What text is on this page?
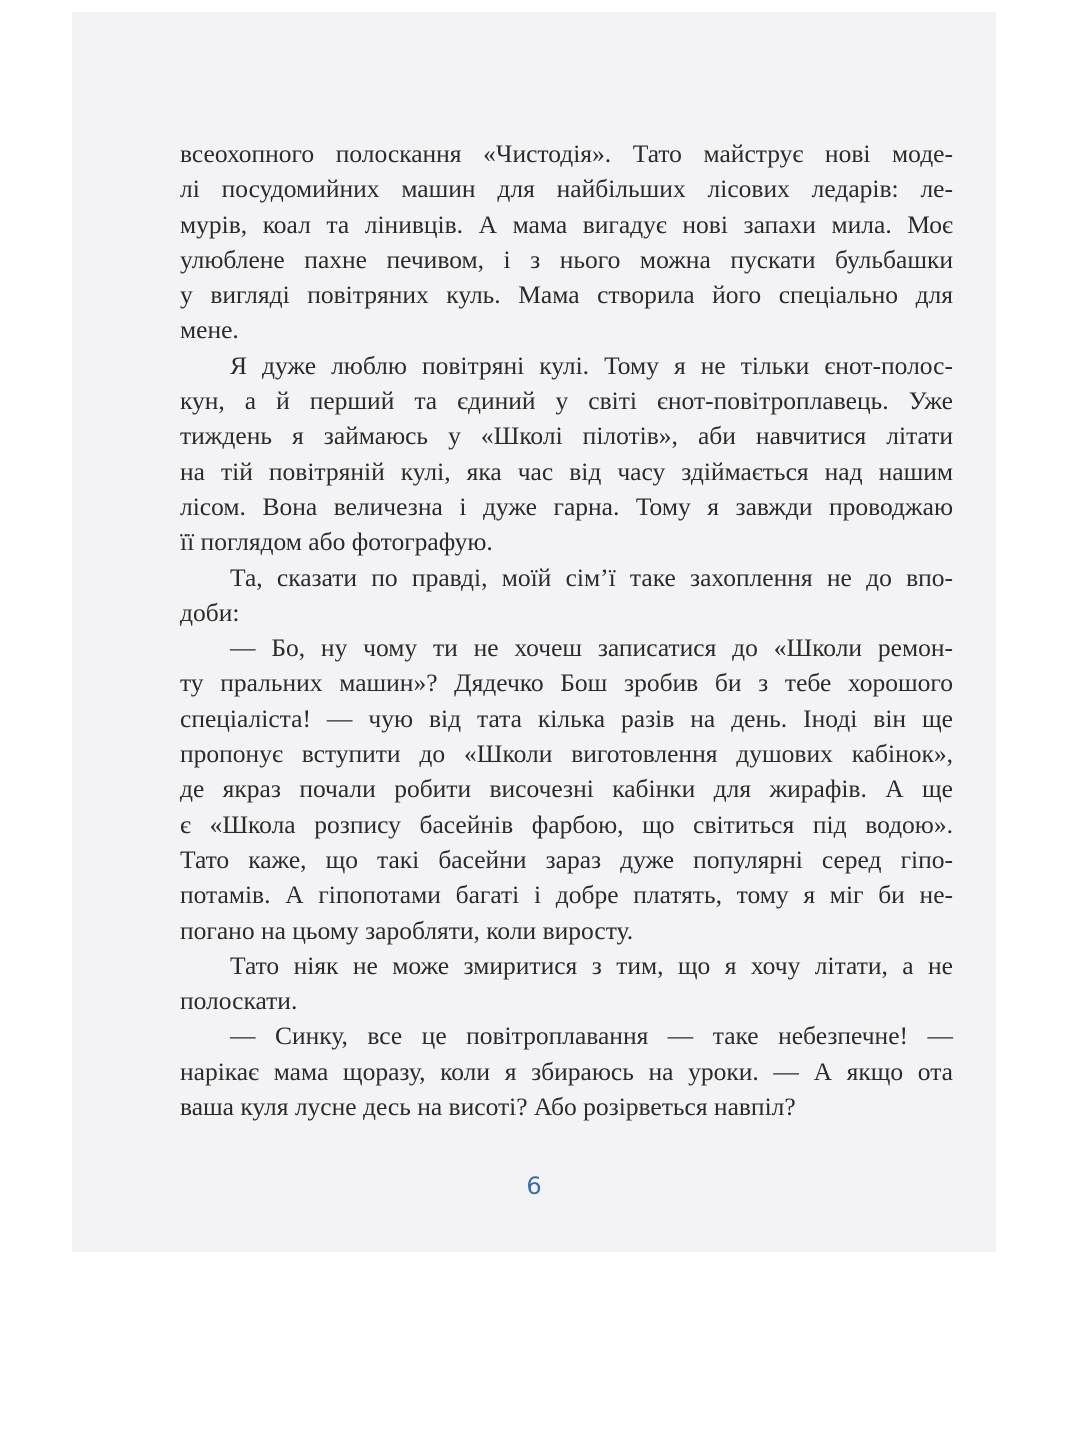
всеохопного полоскання «Чистодія». Тато майструє нові моде-
лі посудомийних машин для найбільших лісових ледарів: ле-
мурів, коал та лінивців. А мама вигадує нові запахи мила. Моє
улюблене пахне печивом, і з нього можна пускати бульбашки
у вигляді повітряних куль. Мама створила його спеціально для
мене.
Я дуже люблю повітряні кулі. Тому я не тільки єнот-полос-
кун, а й перший та єдиний у світі єнот-повітроплавець. Уже
тиждень я займаюсь у «Школі пілотів», аби навчитися літати
на тій повітряній кулі, яка час від часу здіймається над нашим
лісом. Вона величезна і дуже гарна. Тому я завжди проводжаю
її поглядом або фотографую.
Та, сказати по правді, моїй сім’ї таке захоплення не до впо-
доби:
— Бо, ну чому ти не хочеш записатися до «Школи ремон-
ту пральних машин»? Дядечко Бош зробив би з тебе хорошого
спеціаліста! — чую від тата кілька разів на день. Іноді він ще
пропонує вступити до «Школи виготовлення душових кабінок»,
де якраз почали робити височезні кабінки для жирафів. А ще
є «Школа розпису басейнів фарбою, що світиться під водою».
Тато каже, що такі басейни зараз дуже популярні серед гіпо-
потамів. А гіпопотами багаті і добре платять, тому я міг би не-
погано на цьому заробляти, коли виросту.
Тато ніяк не може змиритися з тим, що я хочу літати, а не
полоскати.
— Синку, все це повітроплавання — таке небезпечне! —
нарікає мама щоразу, коли я збираюсь на уроки. — А якщо ота
ваша куля лусне десь на висоті? Або розірветься навпіл?
6
